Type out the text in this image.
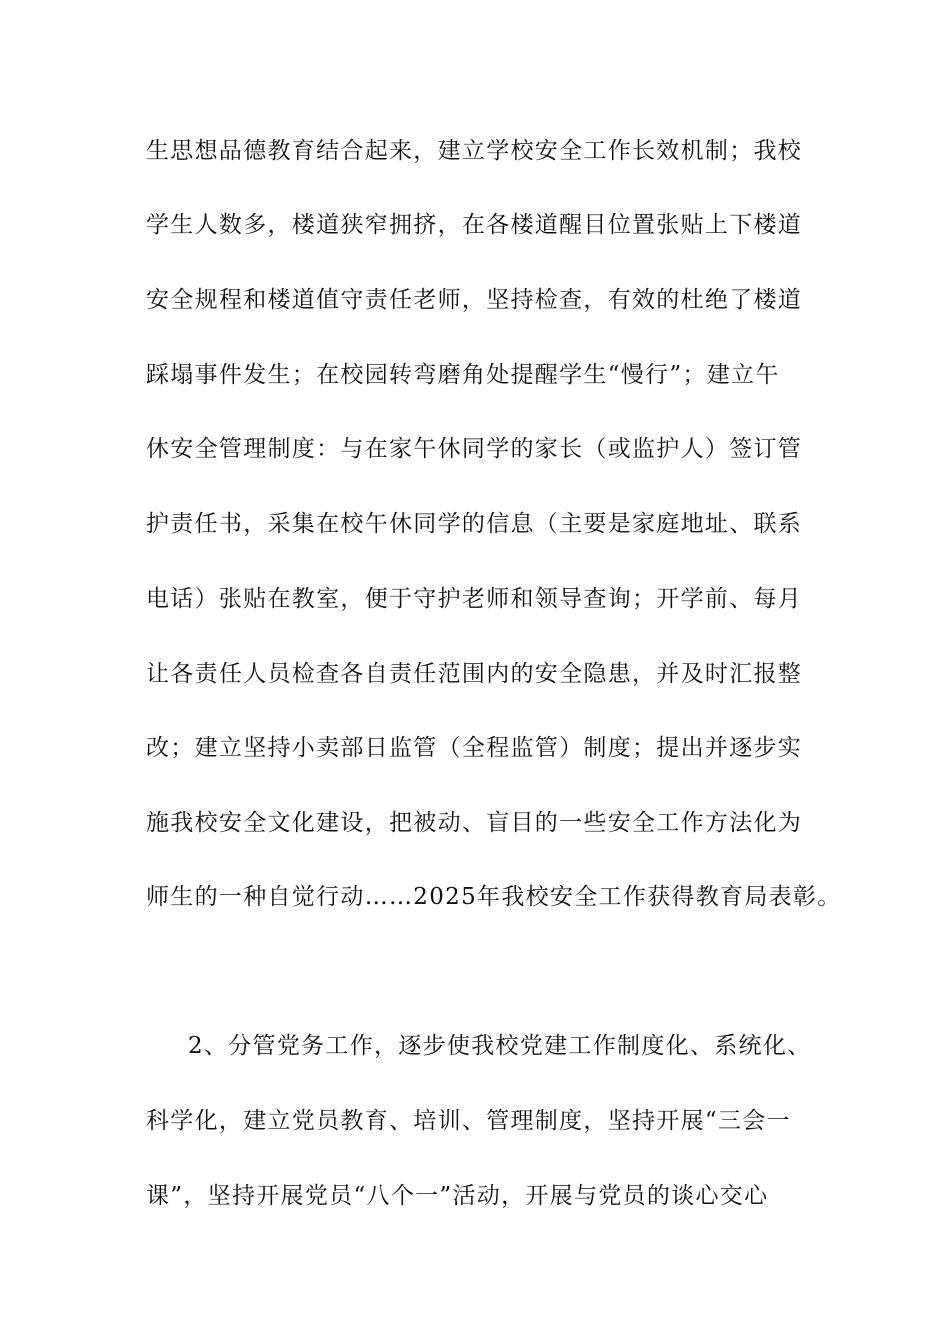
生思想品德教育结合起来，建立学校安全工作长效机制；我校
学生人数多，楼道狭窄拥挤，在各楼道醒目位置张贴上下楼道
安全规程和楼道值守责任老师，坚持检查，有效的杜绝了楼道
踩塌事件发生；在校园转弯磨角处提醒学生“慢行”；建立午
休安全管理制度：与在家午休同学的家长（或监护人）签订管
护责任书，采集在校午休同学的信息（主要是家庭地址、联系
电话）张贴在教室，便于守护老师和领导查询；开学前、每月
让各责任人员检查各自责任范围内的安全隐患，并及时汇报整
改；建立坚持小卖部日监管（全程监管）制度；提出并逐步实
施我校安全文化建设，把被动、盲目的一些安全工作方法化为
师生的一种自觉行动……2025年我校安全工作获得教育局表彰。
2、分管党务工作，逐步使我校党建工作制度化、系统化、
科学化，建立党员教育、培训、管理制度，坚持开展“三会一
课”，坚持开展党员“八个一”活动，开展与党员的谈心交心
